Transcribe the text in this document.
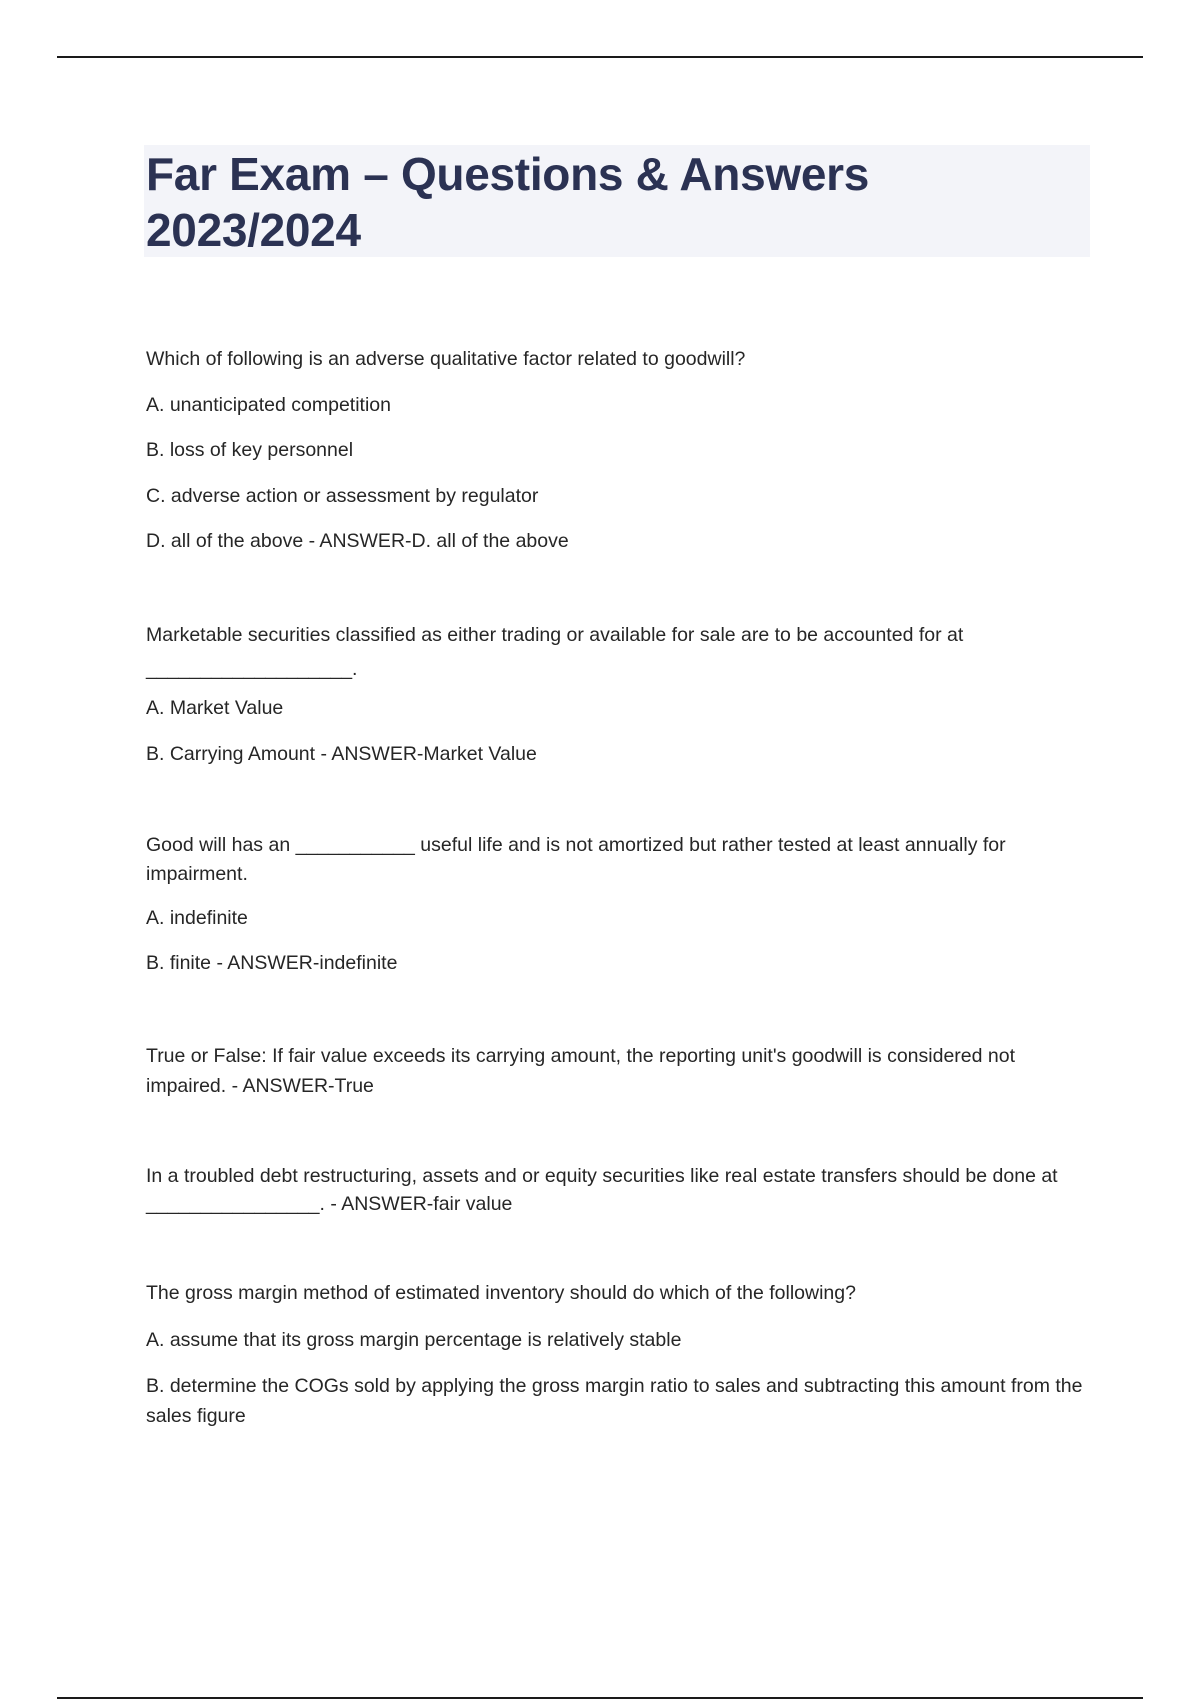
Far Exam – Questions & Answers 2023/2024

Which of following is an adverse qualitative factor related to goodwill?

A. unanticipated competition

B. loss of key personnel

C. adverse action or assessment by regulator

D. all of the above - ANSWER-D. all of the above

Marketable securities classified as either trading or available for sale are to be accounted for at ___________________.

A. Market Value

B. Carrying Amount - ANSWER-Market Value

Good will has an ___________ useful life and is not amortized but rather tested at least annually for impairment.

A. indefinite

B. finite - ANSWER-indefinite

True or False: If fair value exceeds its carrying amount, the reporting unit's goodwill is considered not impaired. - ANSWER-True

In a troubled debt restructuring, assets and or equity securities like real estate transfers should be done at ________________. - ANSWER-fair value

The gross margin method of estimated inventory should do which of the following?

A. assume that its gross margin percentage is relatively stable

B. determine the COGs sold by applying the gross margin ratio to sales and subtracting this amount from the sales figure
